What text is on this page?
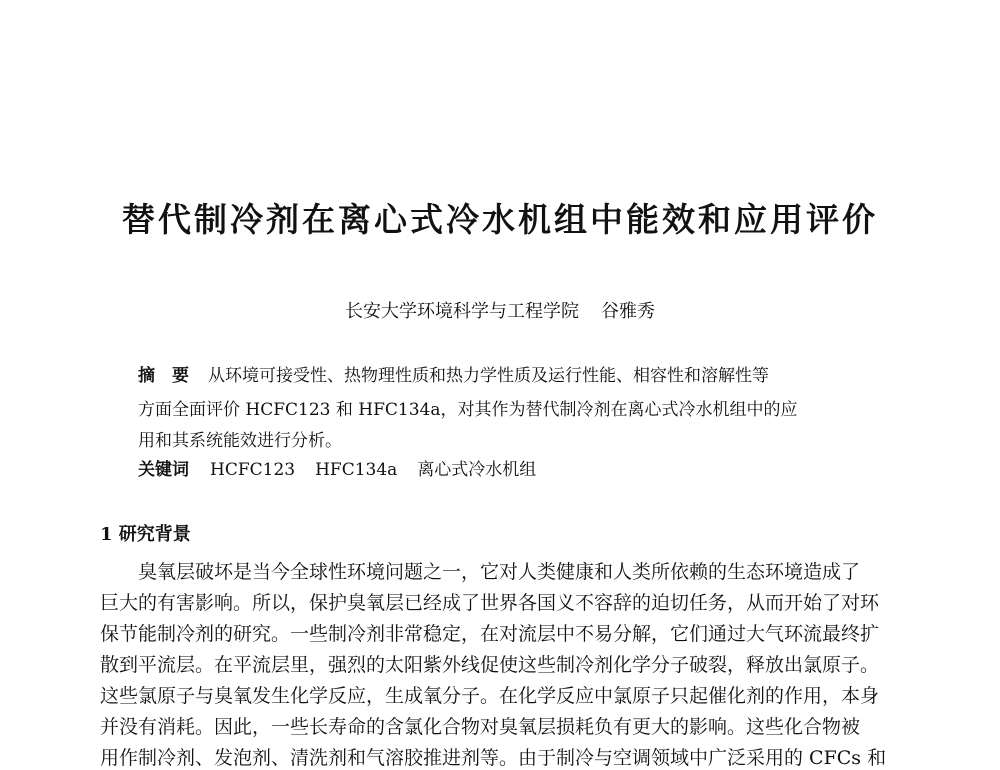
替代制冷剂在离心式冷水机组中能效和应用评价
长安大学环境科学与工程学院 谷雅秀
摘　要 从环境可接受性、热物理性质和热力学性质及运行性能、相容性和溶解性等
方面全面评价 HCFC123 和 HFC134a，对其作为替代制冷剂在离心式冷水机组中的应
用和其系统能效进行分析。
关键词 HCFC123 HFC134a 离心式冷水机组
1 研究背景
　　臭氧层破坏是当今全球性环境问题之一，它对人类健康和人类所依赖的生态环境造成了
巨大的有害影响。所以，保护臭氧层已经成了世界各国义不容辞的迫切任务，从而开始了对环
保节能制冷剂的研究。一些制冷剂非常稳定，在对流层中不易分解，它们通过大气环流最终扩
散到平流层。在平流层里，强烈的太阳紫外线促使这些制冷剂化学分子破裂，释放出氯原子。
这些氯原子与臭氧发生化学反应，生成氧分子。在化学反应中氯原子只起催化剂的作用，本身
并没有消耗。因此，一些长寿命的含氯化合物对臭氧层损耗负有更大的影响。这些化合物被
用作制冷剂、发泡剂、清洗剂和气溶胶推进剂等。由于制冷与空调领域中广泛采用的 CFCs 和
